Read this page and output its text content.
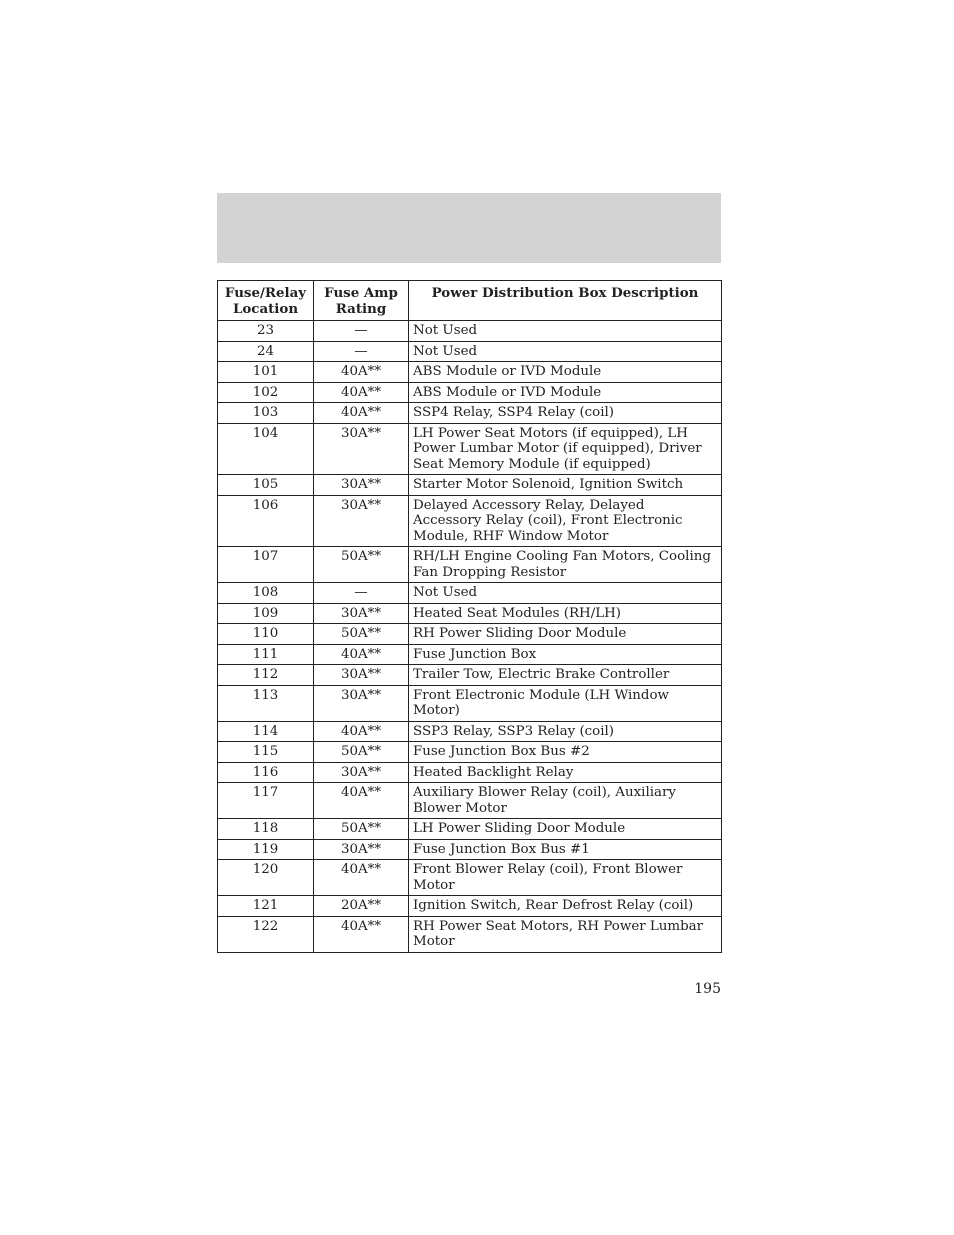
Fuse/Relay Location	Fuse Amp Rating	Power Distribution Box Description
23	—	Not Used
24	—	Not Used
101	40A**	ABS Module or IVD Module
102	40A**	ABS Module or IVD Module
103	40A**	SSP4 Relay, SSP4 Relay (coil)
104	30A**	LH Power Seat Motors (if equipped), LH Power Lumbar Motor (if equipped), Driver Seat Memory Module (if equipped)
105	30A**	Starter Motor Solenoid, Ignition Switch
106	30A**	Delayed Accessory Relay, Delayed Accessory Relay (coil), Front Electronic Module, RHF Window Motor
107	50A**	RH/LH Engine Cooling Fan Motors, Cooling Fan Dropping Resistor
108	—	Not Used
109	30A**	Heated Seat Modules (RH/LH)
110	50A**	RH Power Sliding Door Module
111	40A**	Fuse Junction Box
112	30A**	Trailer Tow, Electric Brake Controller
113	30A**	Front Electronic Module (LH Window Motor)
114	40A**	SSP3 Relay, SSP3 Relay (coil)
115	50A**	Fuse Junction Box Bus #2
116	30A**	Heated Backlight Relay
117	40A**	Auxiliary Blower Relay (coil), Auxiliary Blower Motor
118	50A**	LH Power Sliding Door Module
119	30A**	Fuse Junction Box Bus #1
120	40A**	Front Blower Relay (coil), Front Blower Motor
121	20A**	Ignition Switch, Rear Defrost Relay (coil)
122	40A**	RH Power Seat Motors, RH Power Lumbar Motor
195
